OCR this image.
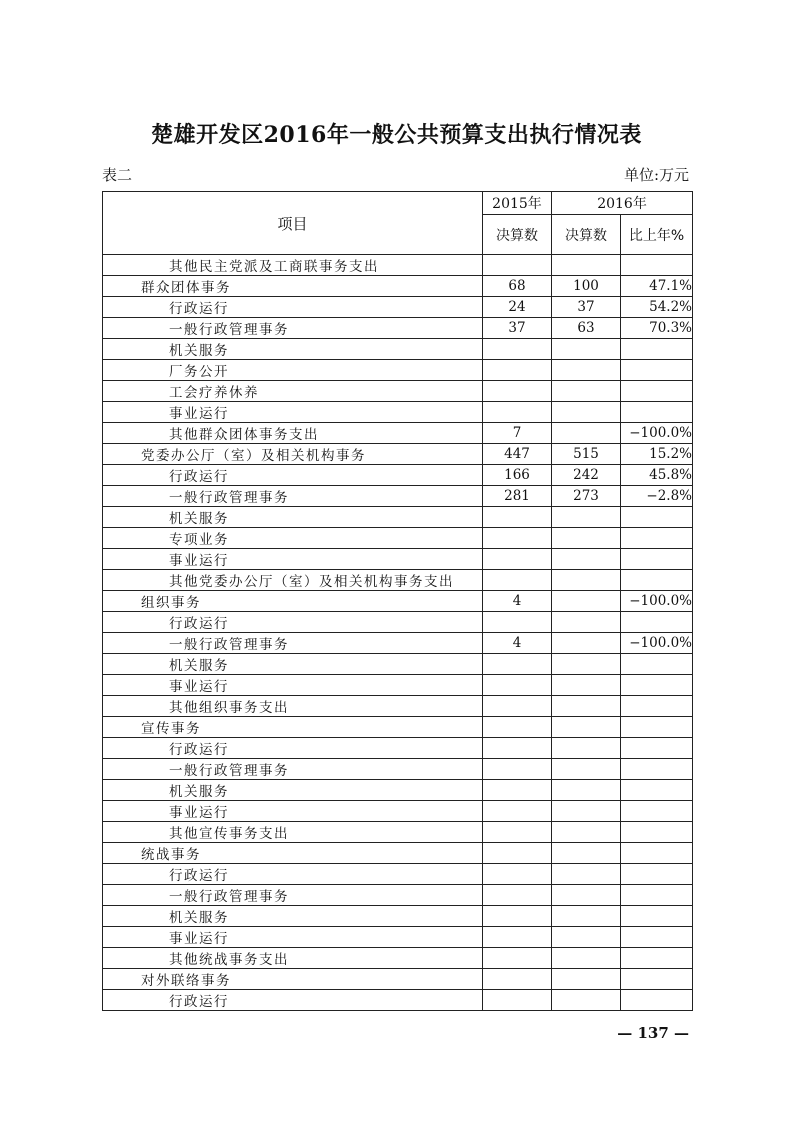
楚雄开发区2016年一般公共预算支出执行情况表
表二	单位:万元
项目	2015年	2016年	
	决算数	决算数	比上年%
其他民主党派及工商联事务支出			
群众团体事务	68	100	47.1%
行政运行	24	37	54.2%
一般行政管理事务	37	63	70.3%
机关服务			
厂务公开			
工会疗养休养			
事业运行			
其他群众团体事务支出	7		−100.0%
党委办公厅（室）及相关机构事务	447	515	15.2%
行政运行	166	242	45.8%
一般行政管理事务	281	273	−2.8%
机关服务			
专项业务			
事业运行			
其他党委办公厅（室）及相关机构事务支出			
组织事务	4		−100.0%
行政运行			
一般行政管理事务	4		−100.0%
机关服务			
事业运行			
其他组织事务支出			
宣传事务			
行政运行			
一般行政管理事务			
机关服务			
事业运行			
其他宣传事务支出			
统战事务			
行政运行			
一般行政管理事务			
机关服务			
事业运行			
其他统战事务支出			
对外联络事务			
行政运行			
— 137 —
